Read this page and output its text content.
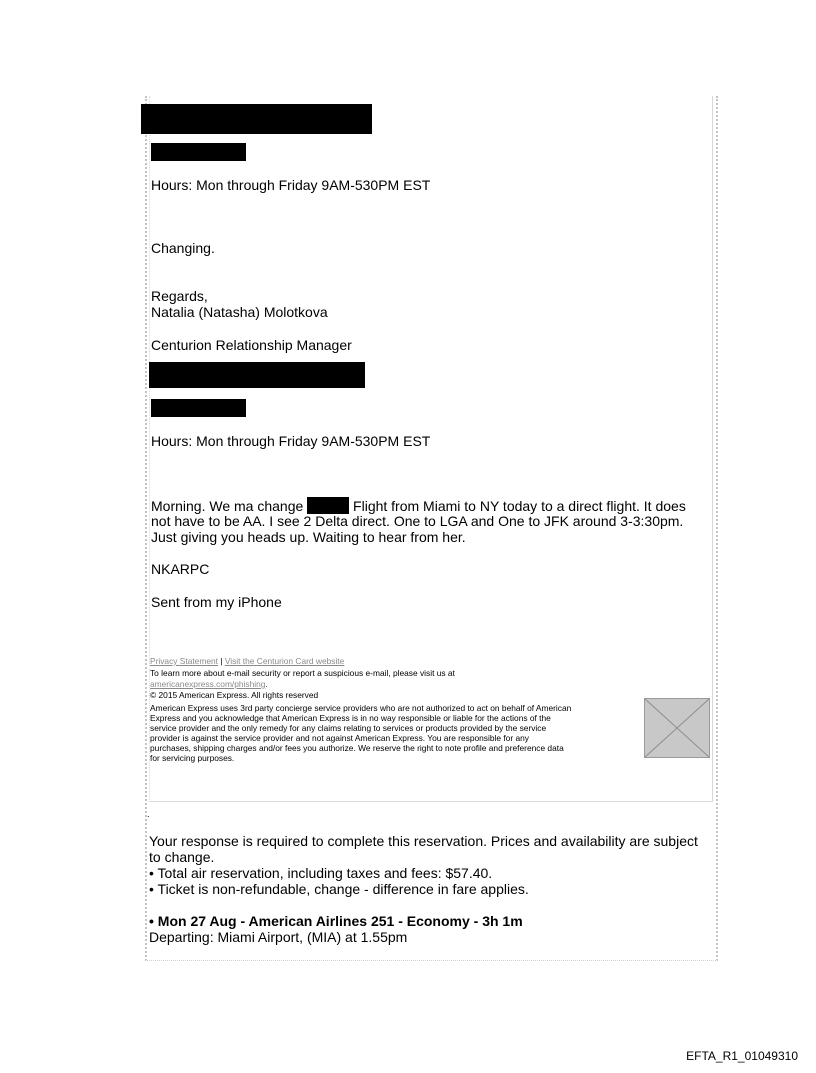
Hours: Mon through Friday 9AM-530PM EST
Changing.
Regards,
Natalia (Natasha) Molotkova
Centurion Relationship Manager
Hours: Mon through Friday 9AM-530PM EST
Morning. We ma change	Flight from Miami to NY today to a direct flight. It does
not have to be AA. I see 2 Delta direct. One to LGA and One to JFK around 3-3:30pm.
Just giving you heads up. Waiting to hear from her.
NKARPC
Sent from my iPhone
Privacy Statement | Visit the Centurion Card website
To learn more about e-mail security or report a suspicious e-mail, please visit us at
americanexpress.com/phishing.
© 2015 American Express. All rights reserved
American Express uses 3rd party concierge service providers who are not authorized to act on behalf of American
Express and you acknowledge that American Express is in no way responsible or liable for the actions of the
service provider and the only remedy for any claims relating to services or products provided by the service
provider is against the service provider and not against American Express. You are responsible for any
purchases, shipping charges and/or fees you authorize. We reserve the right to note profile and preference data
for servicing purposes.
.
Your response is required to complete this reservation. Prices and availability are subject
to change.
• Total air reservation, including taxes and fees: $57.40.
• Ticket is non-refundable, change - difference in fare applies.
• Mon 27 Aug - American Airlines 251 - Economy - 3h 1m
Departing: Miami Airport, (MIA) at 1.55pm
EFTA_R1_01049310
